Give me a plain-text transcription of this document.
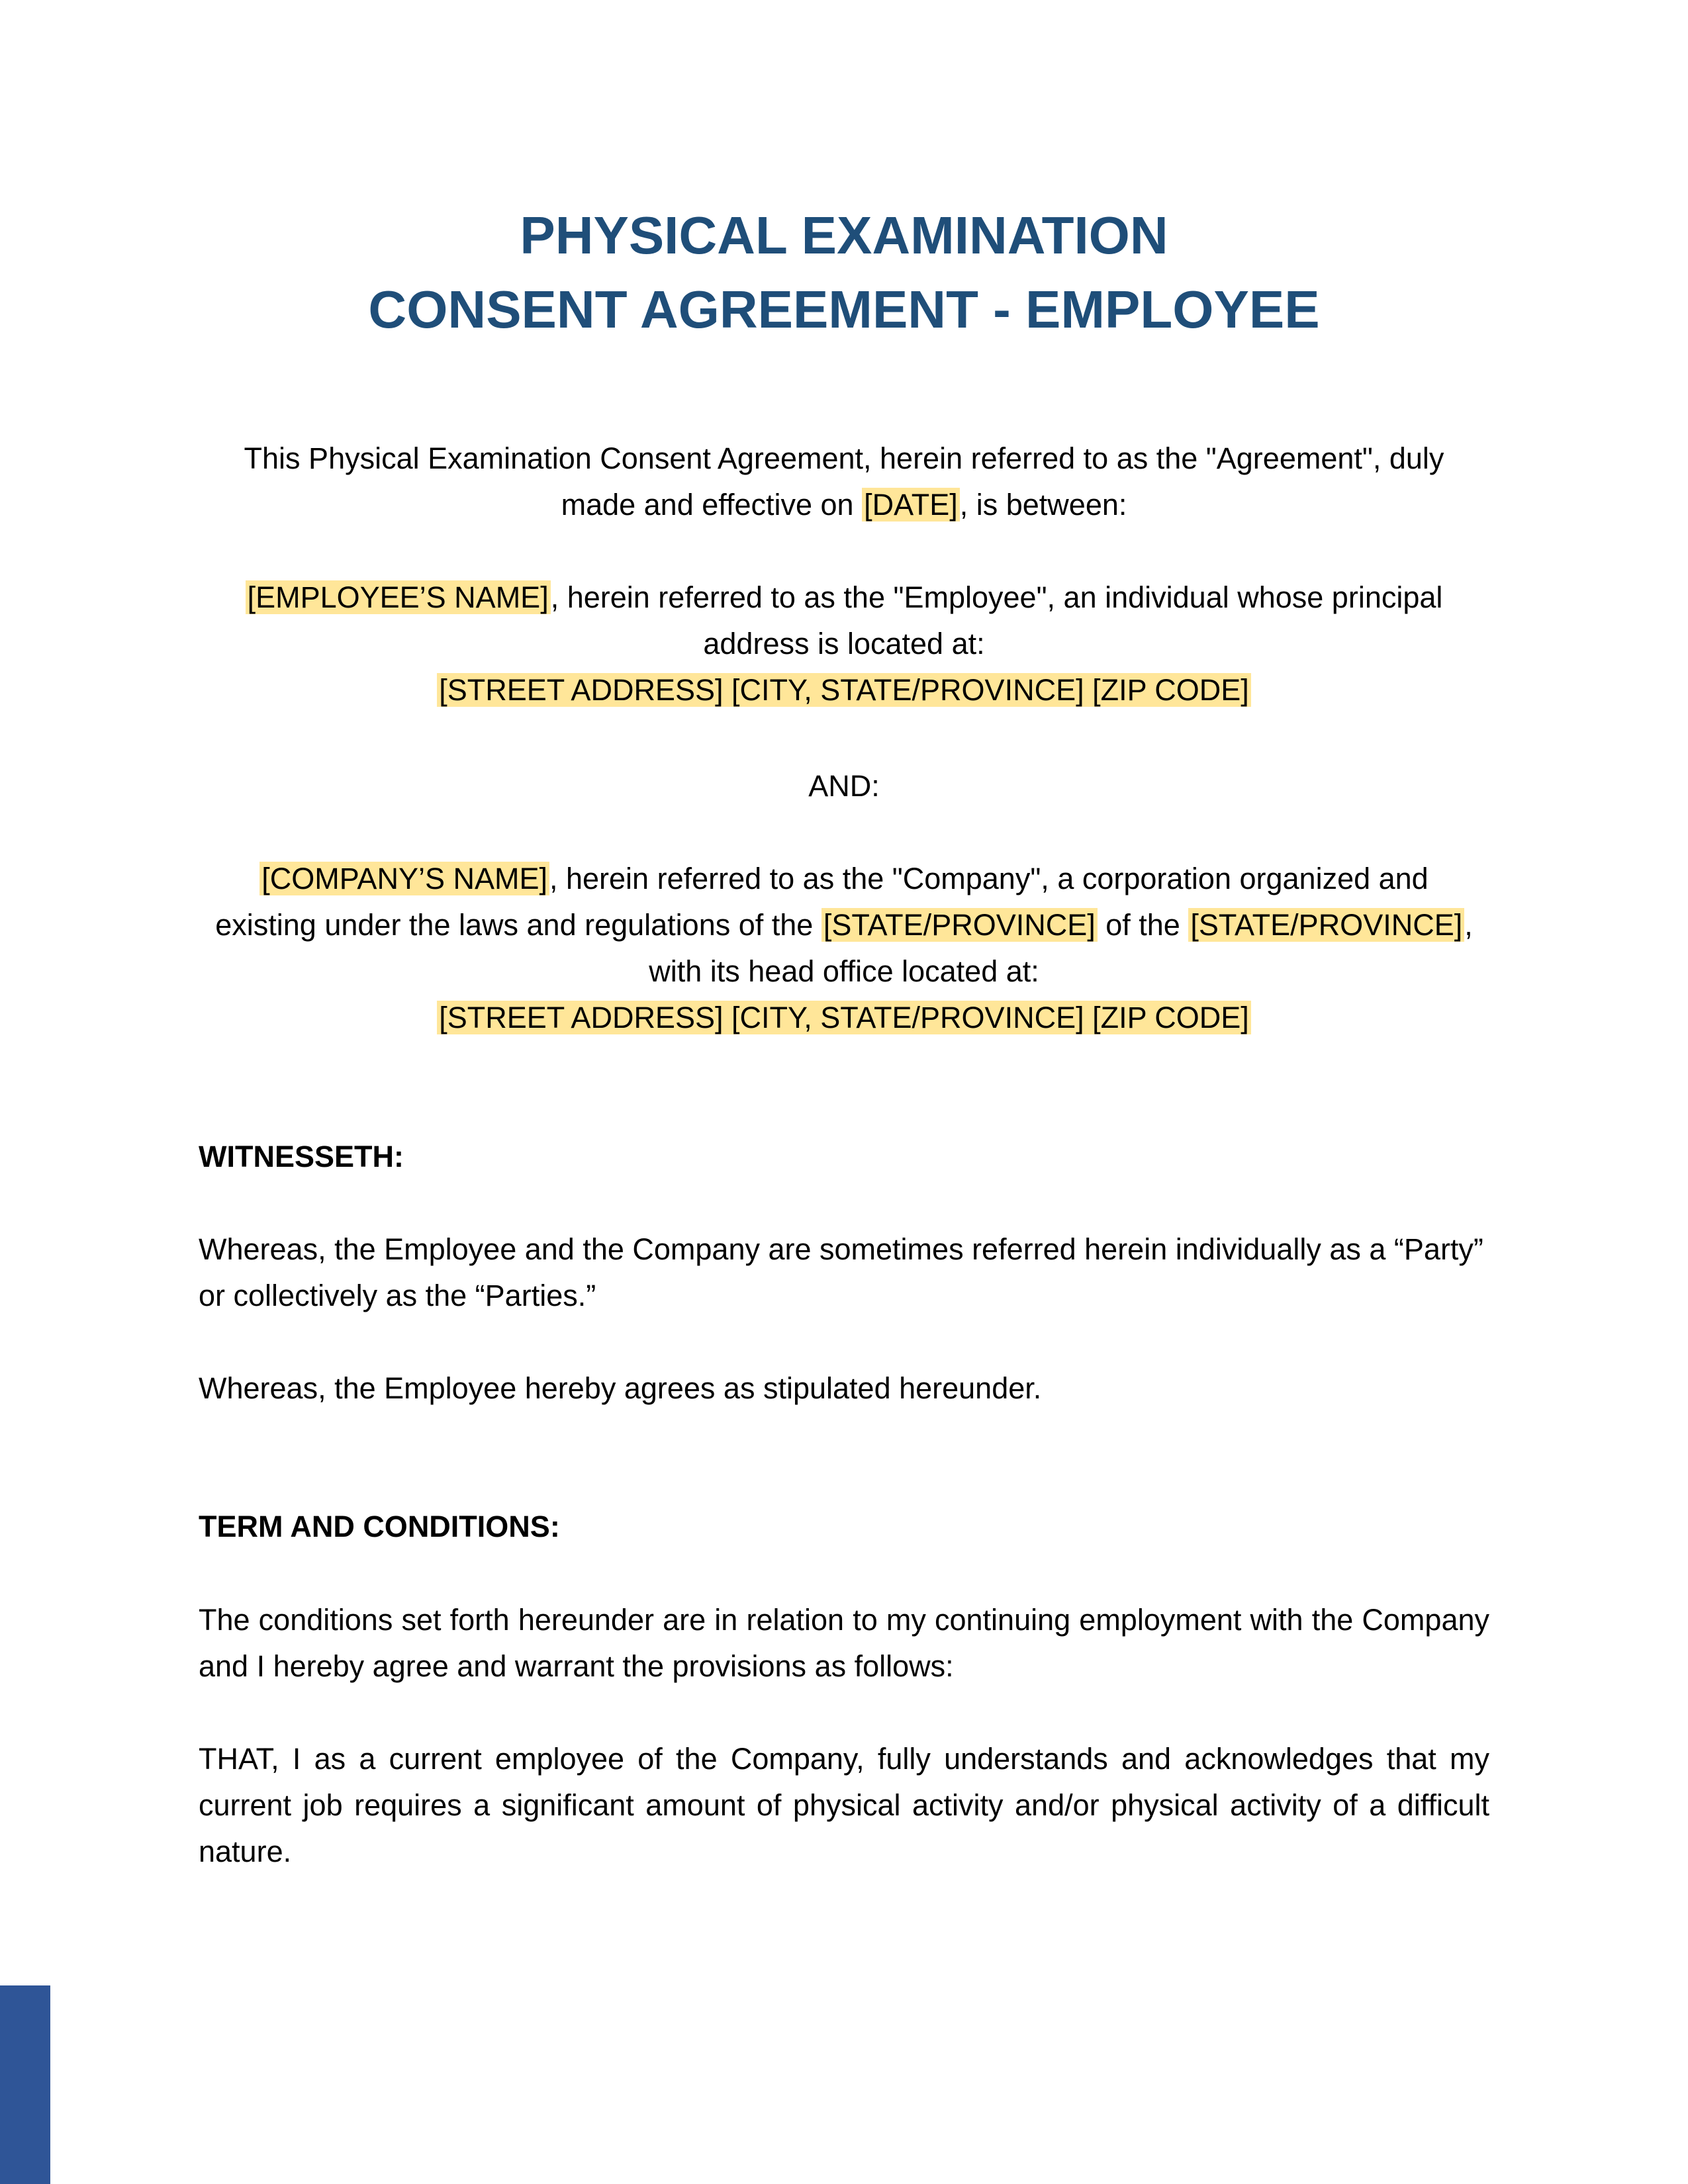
PHYSICAL EXAMINATION
CONSENT AGREEMENT - EMPLOYEE
This Physical Examination Consent Agreement, herein referred to as the "Agreement", duly
made and effective on [DATE], is between:
[EMPLOYEE’S NAME], herein referred to as the "Employee", an individual whose principal
address is located at:
[STREET ADDRESS] [CITY, STATE/PROVINCE] [ZIP CODE]
AND:
[COMPANY’S NAME], herein referred to as the "Company", a corporation organized and
existing under the laws and regulations of the [STATE/PROVINCE] of the [STATE/PROVINCE],
with its head office located at:
[STREET ADDRESS] [CITY, STATE/PROVINCE] [ZIP CODE]
WITNESSETH:
Whereas, the Employee and the Company are sometimes referred herein individually as a “Party” or collectively as the “Parties.”
Whereas, the Employee hereby agrees as stipulated hereunder.
TERM AND CONDITIONS:
The conditions set forth hereunder are in relation to my continuing employment with the Company and I hereby agree and warrant the provisions as follows:
THAT, I as a current employee of the Company, fully understands and acknowledges that my current job requires a significant amount of physical activity and/or physical activity of a difficult nature.
